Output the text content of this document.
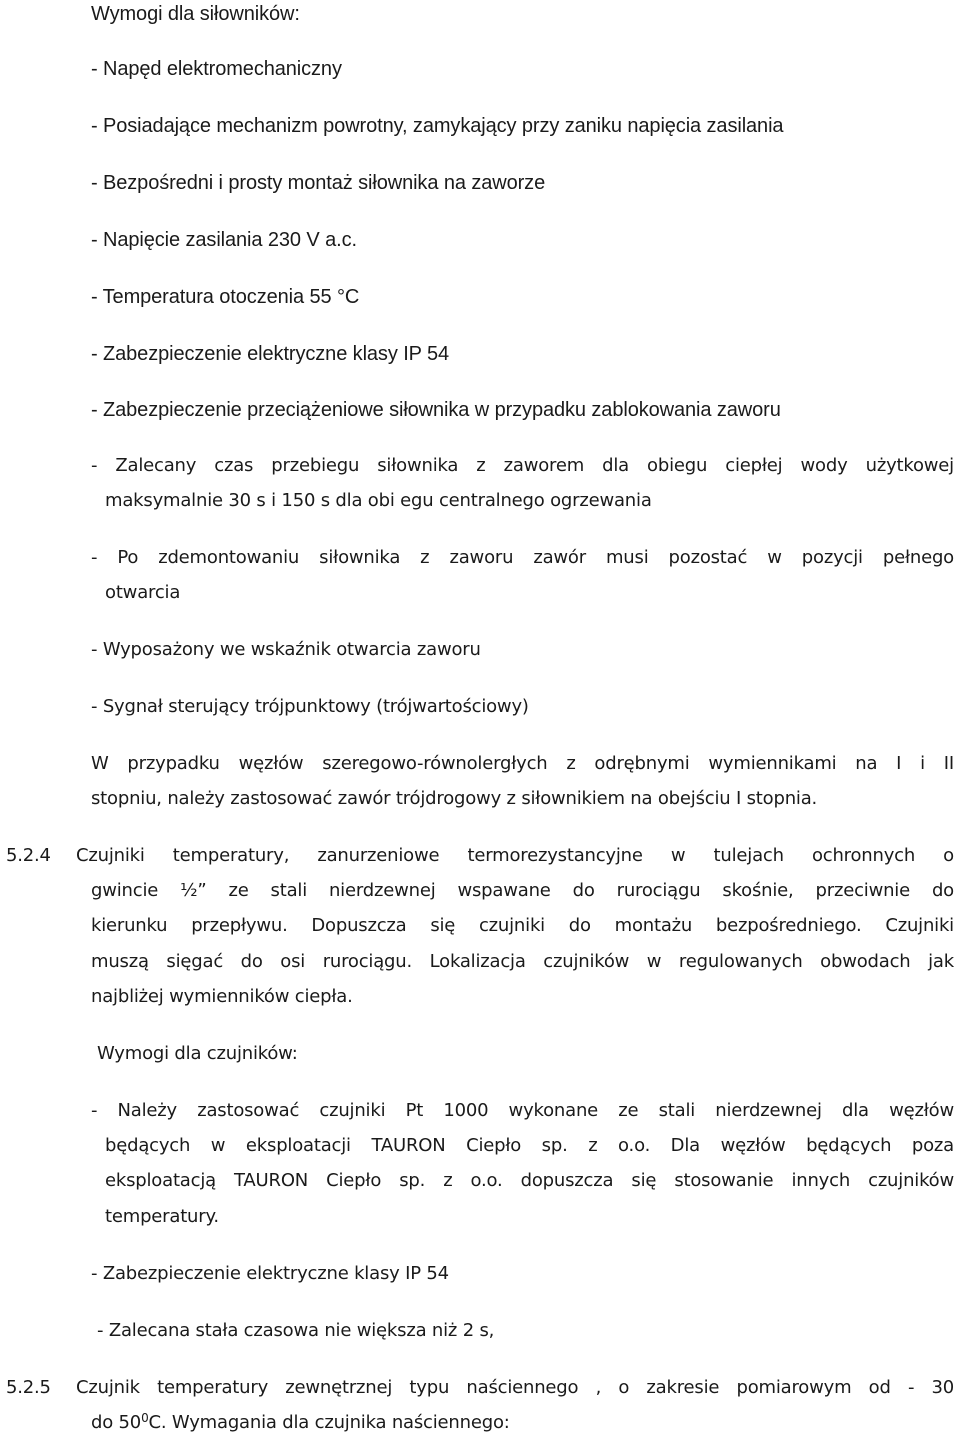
Wymogi dla siłowników:
- Napęd elektromechaniczny
- Posiadające mechanizm powrotny, zamykający przy zaniku napięcia zasilania
- Bezpośredni i prosty montaż siłownika na zaworze
- Napięcie zasilania 230 V a.c.
- Temperatura otoczenia 55 °C
- Zabezpieczenie elektryczne klasy IP 54
- Zabezpieczenie przeciążeniowe siłownika w przypadku zablokowania zaworu
- Zalecany czas przebiegu siłownika z zaworem dla obiegu ciepłej wody użytkowej
maksymalnie 30 s i 150 s dla obi egu centralnego ogrzewania
- Po zdemontowaniu siłownika z zaworu zawór musi pozostać w pozycji pełnego
otwarcia
- Wyposażony we wskaźnik otwarcia zaworu
- Sygnał sterujący trójpunktowy (trójwartościowy)
W przypadku węzłów szeregowo-równolergłych z odrębnymi wymiennikami na I i II
stopniu, należy zastosować zawór trójdrogowy z siłownikiem na obejściu I stopnia.
5.2.4 Czujniki temperatury, zanurzeniowe termorezystancyjne w tulejach ochronnych o
gwincie ½” ze stali nierdzewnej wspawane do rurociągu skośnie, przeciwnie do
kierunku przepływu. Dopuszcza się czujniki do montażu bezpośredniego. Czujniki
muszą sięgać do osi rurociągu. Lokalizacja czujników w regulowanych obwodach jak
najbliżej wymienników ciepła.
Wymogi dla czujników:
- Należy zastosować czujniki Pt 1000 wykonane ze stali nierdzewnej dla węzłów
będących w eksploatacji TAURON Ciepło sp. z o.o. Dla węzłów będących poza
eksploatacją TAURON Ciepło sp. z o.o. dopuszcza się stosowanie innych czujników
temperatury.
- Zabezpieczenie elektryczne klasy IP 54
- Zalecana stała czasowa nie większa niż 2 s,
5.2.5 Czujnik temperatury zewnętrznej typu naściennego , o zakresie pomiarowym od - 30
do $50^0C$. Wymagania dla czujnika naściennego:
